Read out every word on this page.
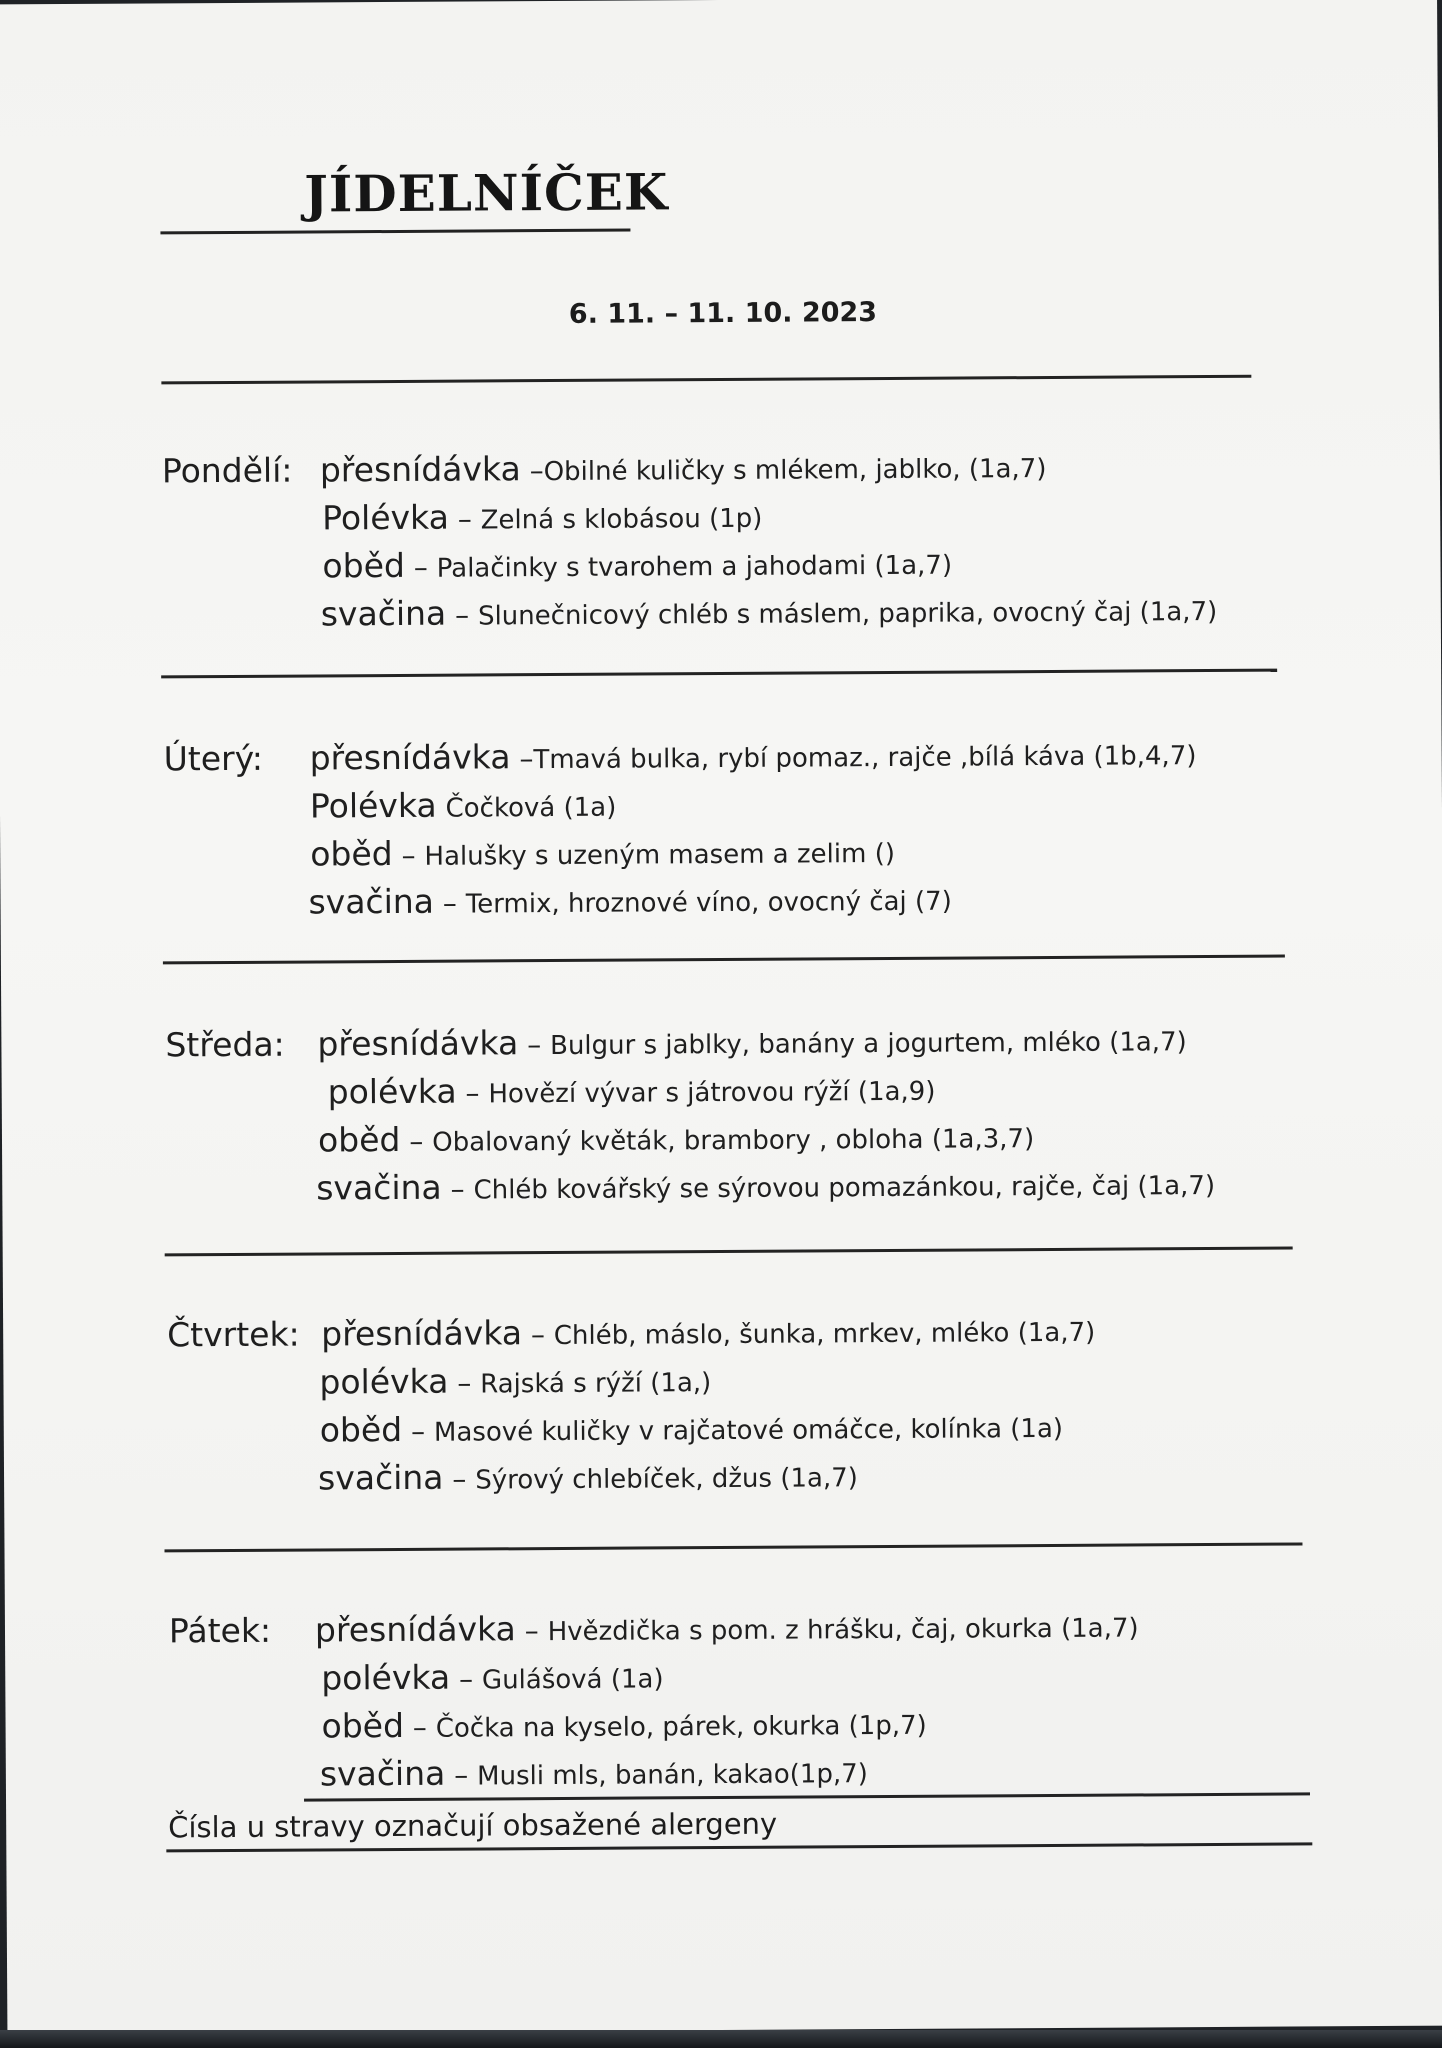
JÍDELNÍČEK
6. 11. – 11. 10. 2023
Pondělí: přesnídávka –Obilné kuličky s mlékem, jablko, (1a,7)
Polévka – Zelná s klobásou (1p)
oběd – Palačinky s tvarohem a jahodami (1a,7)
svačina – Slunečnicový chléb s máslem, paprika, ovocný čaj (1a,7)
Úterý: přesnídávka –Tmavá bulka, rybí pomaz., rajče ,bílá káva (1b,4,7)
Polévka Čočková (1a)
oběd – Halušky s uzeným masem a zelim ()
svačina – Termix, hroznové víno, ovocný čaj (7)
Středa: přesnídávka – Bulgur s jablky, banány a jogurtem, mléko (1a,7)
polévka – Hovězí vývar s játrovou rýží (1a,9)
oběd – Obalovaný květák, brambory , obloha (1a,3,7)
svačina – Chléb kovářský se sýrovou pomazánkou, rajče, čaj (1a,7)
Čtvrtek: přesnídávka – Chléb, máslo, šunka, mrkev, mléko (1a,7)
polévka – Rajská s rýží (1a,)
oběd – Masové kuličky v rajčatové omáčce, kolínka (1a)
svačina – Sýrový chlebíček, džus (1a,7)
Pátek: přesnídávka – Hvězdička s pom. z hrášku, čaj, okurka (1a,7)
polévka – Gulášová (1a)
oběd – Čočka na kyselo, párek, okurka (1p,7)
svačina – Musli mls, banán, kakao(1p,7)
Čísla u stravy označují obsažené alergeny
